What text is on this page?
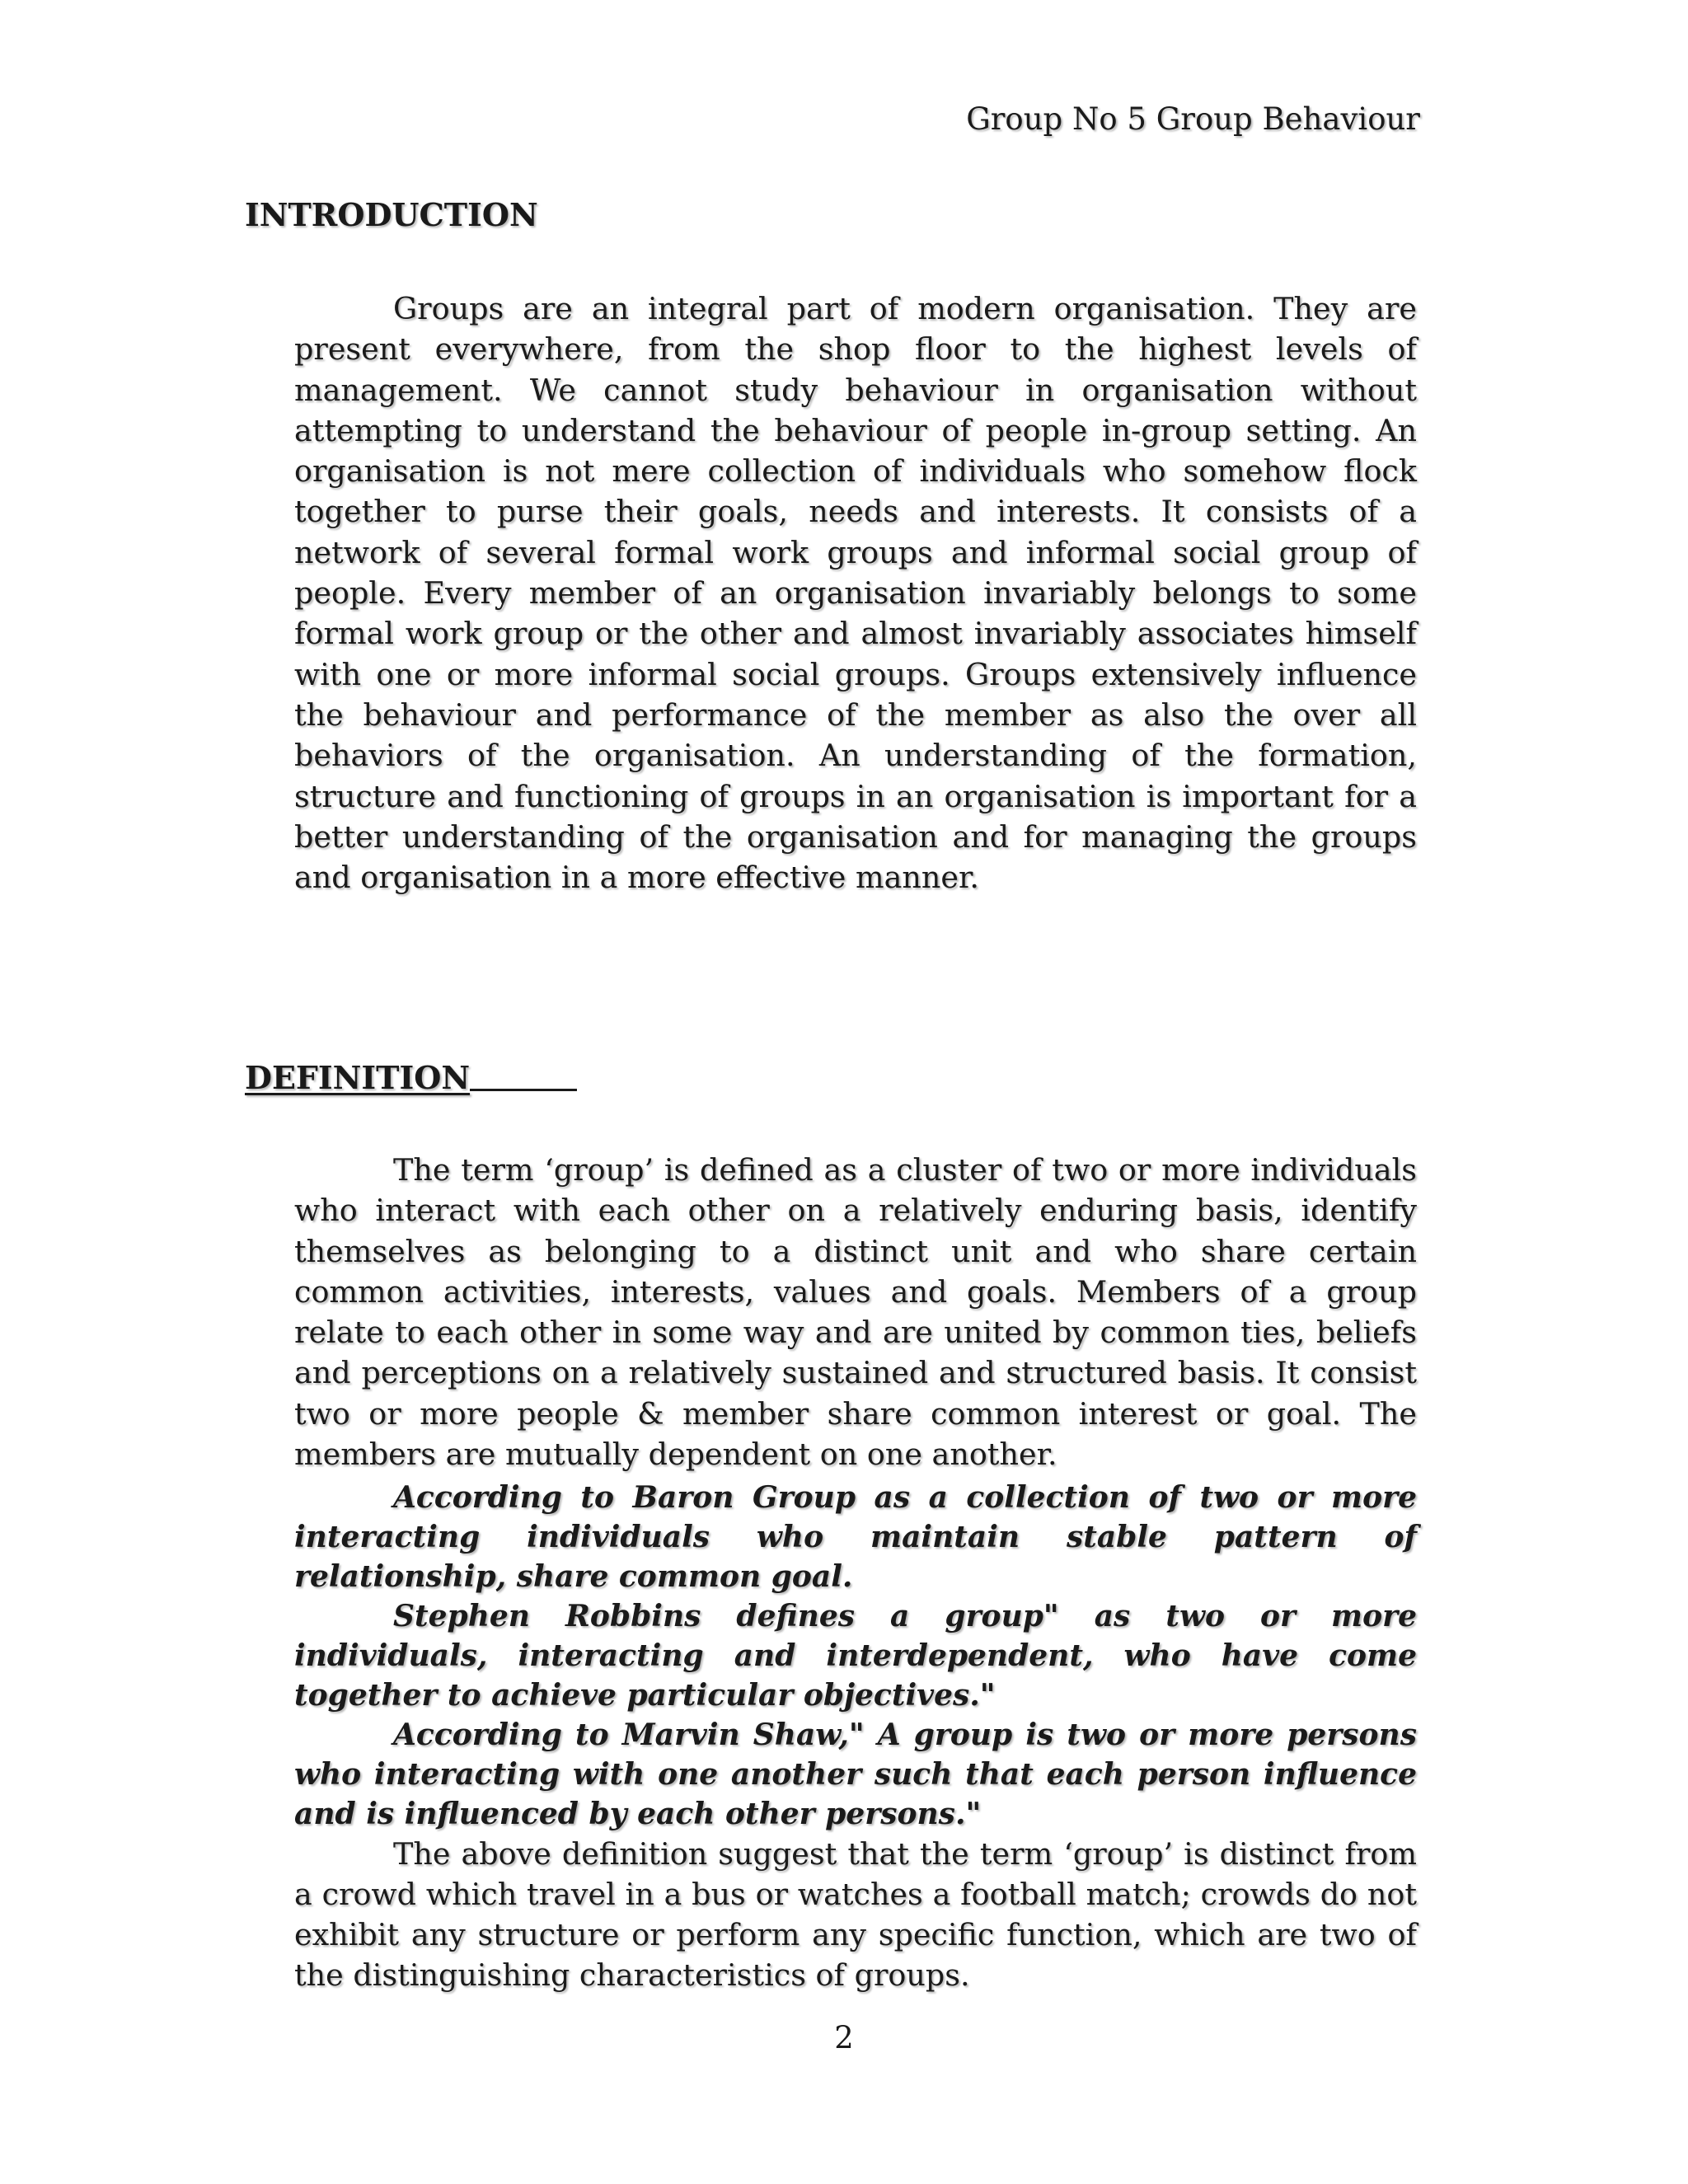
Group No 5 Group Behaviour
INTRODUCTION

Groups are an integral part of modern organisation. They are present everywhere, from the shop floor to the highest levels of management. We cannot study behaviour in organisation without attempting to understand the behaviour of people in-group setting. An organisation is not mere collection of individuals who somehow flock together to purse their goals, needs and interests. It consists of a network of several formal work groups and informal social group of people. Every member of an organisation invariably belongs to some formal work group or the other and almost invariably associates himself with one or more informal social groups. Groups extensively influence the behaviour and performance of the member as also the over all behaviors of the organisation. An understanding of the formation, structure and functioning of groups in an organisation is important for a better understanding of the organisation and for managing the groups and organisation in a more effective manner.

DEFINITION

The term ‘group’ is defined as a cluster of two or more individuals who interact with each other on a relatively enduring basis, identify themselves as belonging to a distinct unit and who share certain common activities, interests, values and goals. Members of a group relate to each other in some way and are united by common ties, beliefs and perceptions on a relatively sustained and structured basis. It consist two or more people & member share common interest or goal. The members are mutually dependent on one another.

According to Baron Group as a collection of two or more interacting individuals who maintain stable pattern of relationship, share common goal.

Stephen Robbins defines a group" as two or more individuals, interacting and interdependent, who have come together to achieve particular objectives."

According to Marvin Shaw," A group is two or more persons who interacting with one another such that each person influence and is influenced by each other persons."

The above definition suggest that the term ‘group’ is distinct from a crowd which travel in a bus or watches a football match; crowds do not exhibit any structure or perform any specific function, which are two of the distinguishing characteristics of groups.

2
